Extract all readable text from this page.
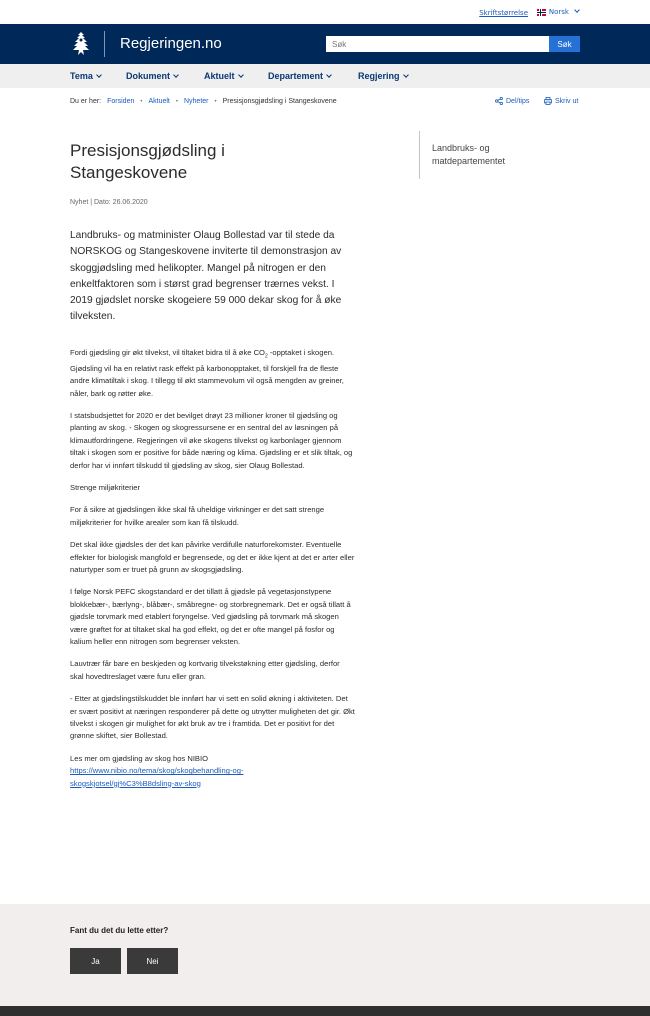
Skriftstørrelse	Norsk
Regjeringen.no
Søk	Søk
Tema	Dokument	Aktuelt	Departement	Regjering
Du er her: Forsiden • Aktuelt • Nyheter • Presisjonsgjødsling i Stangeskovene	Del/tips	Skriv ut
Presisjonsgjødsling i
Stangeskovene
Nyhet | Dato: 26.06.2020
Landbruks- og matminister Olaug Bollestad var til stede da NORSKOG og Stangeskovene inviterte til demonstrasjon av skoggjødsling med helikopter. Mangel på nitrogen er den enkeltfaktoren som i størst grad begrenser trærnes vekst. I 2019 gjødslet norske skogeiere 59 000 dekar skog for å øke tilveksten.

Fordi gjødsling gir økt tilvekst, vil tiltaket bidra til å øke $CO_2$ -opptaket i skogen. Gjødsling vil ha en relativt rask effekt på karbonopptaket, til forskjell fra de fleste andre klimatiltak i skog. I tillegg til økt stammevolum vil også mengden av greiner, nåler, bark og røtter øke.

I statsbudsjettet for 2020 er det bevilget drøyt 23 millioner kroner til gjødsling og planting av skog. - Skogen og skogressursene er en sentral del av løsningen på klimautfordringene. Regjeringen vil øke skogens tilvekst og karbonlager gjennom tiltak i skogen som er positive for både næring og klima. Gjødsling er et slik tiltak, og derfor har vi innført tilskudd til gjødsling av skog, sier Olaug Bollestad.

Strenge miljøkriterier

For å sikre at gjødslingen ikke skal få uheldige virkninger er det satt strenge miljøkriterier for hvilke arealer som kan få tilskudd.

Det skal ikke gjødsles der det kan påvirke verdifulle naturforekomster. Eventuelle effekter for biologisk mangfold er begrensede, og det er ikke kjent at det er arter eller naturtyper som er truet på grunn av skogsgjødsling.

I følge Norsk PEFC skogstandard er det tillatt å gjødsle på vegetasjonstypene blokkebær-, bærlyng-, blåbær-, småbregne- og storbregnemark. Det er også tillatt å gjødsle torvmark med etablert foryngelse. Ved gjødsling på torvmark må skogen være grøftet for at tiltaket skal ha god effekt, og det er ofte mangel på fosfor og kalium heller enn nitrogen som begrenser veksten.

Lauvtrær får bare en beskjeden og kortvarig tilvekstøkning etter gjødsling, derfor skal hovedtreslaget være furu eller gran.

- Etter at gjødslingstilskuddet ble innført har vi sett en solid økning i aktiviteten. Det er svært positivt at næringen responderer på dette og utnytter muligheten det gir. Økt tilvekst i skogen gir mulighet for økt bruk av tre i framtida. Det er positivt for det grønne skiftet, sier Bollestad.

Les mer om gjødsling av skog hos NIBIO
https://www.nibio.no/tema/skog/skogbehandling-og-
skogskjotsel/gj%C3%B8dsling-av-skog

Landbruks- og
matdepartementet
Fant du det du lette etter?
Ja	Nei
